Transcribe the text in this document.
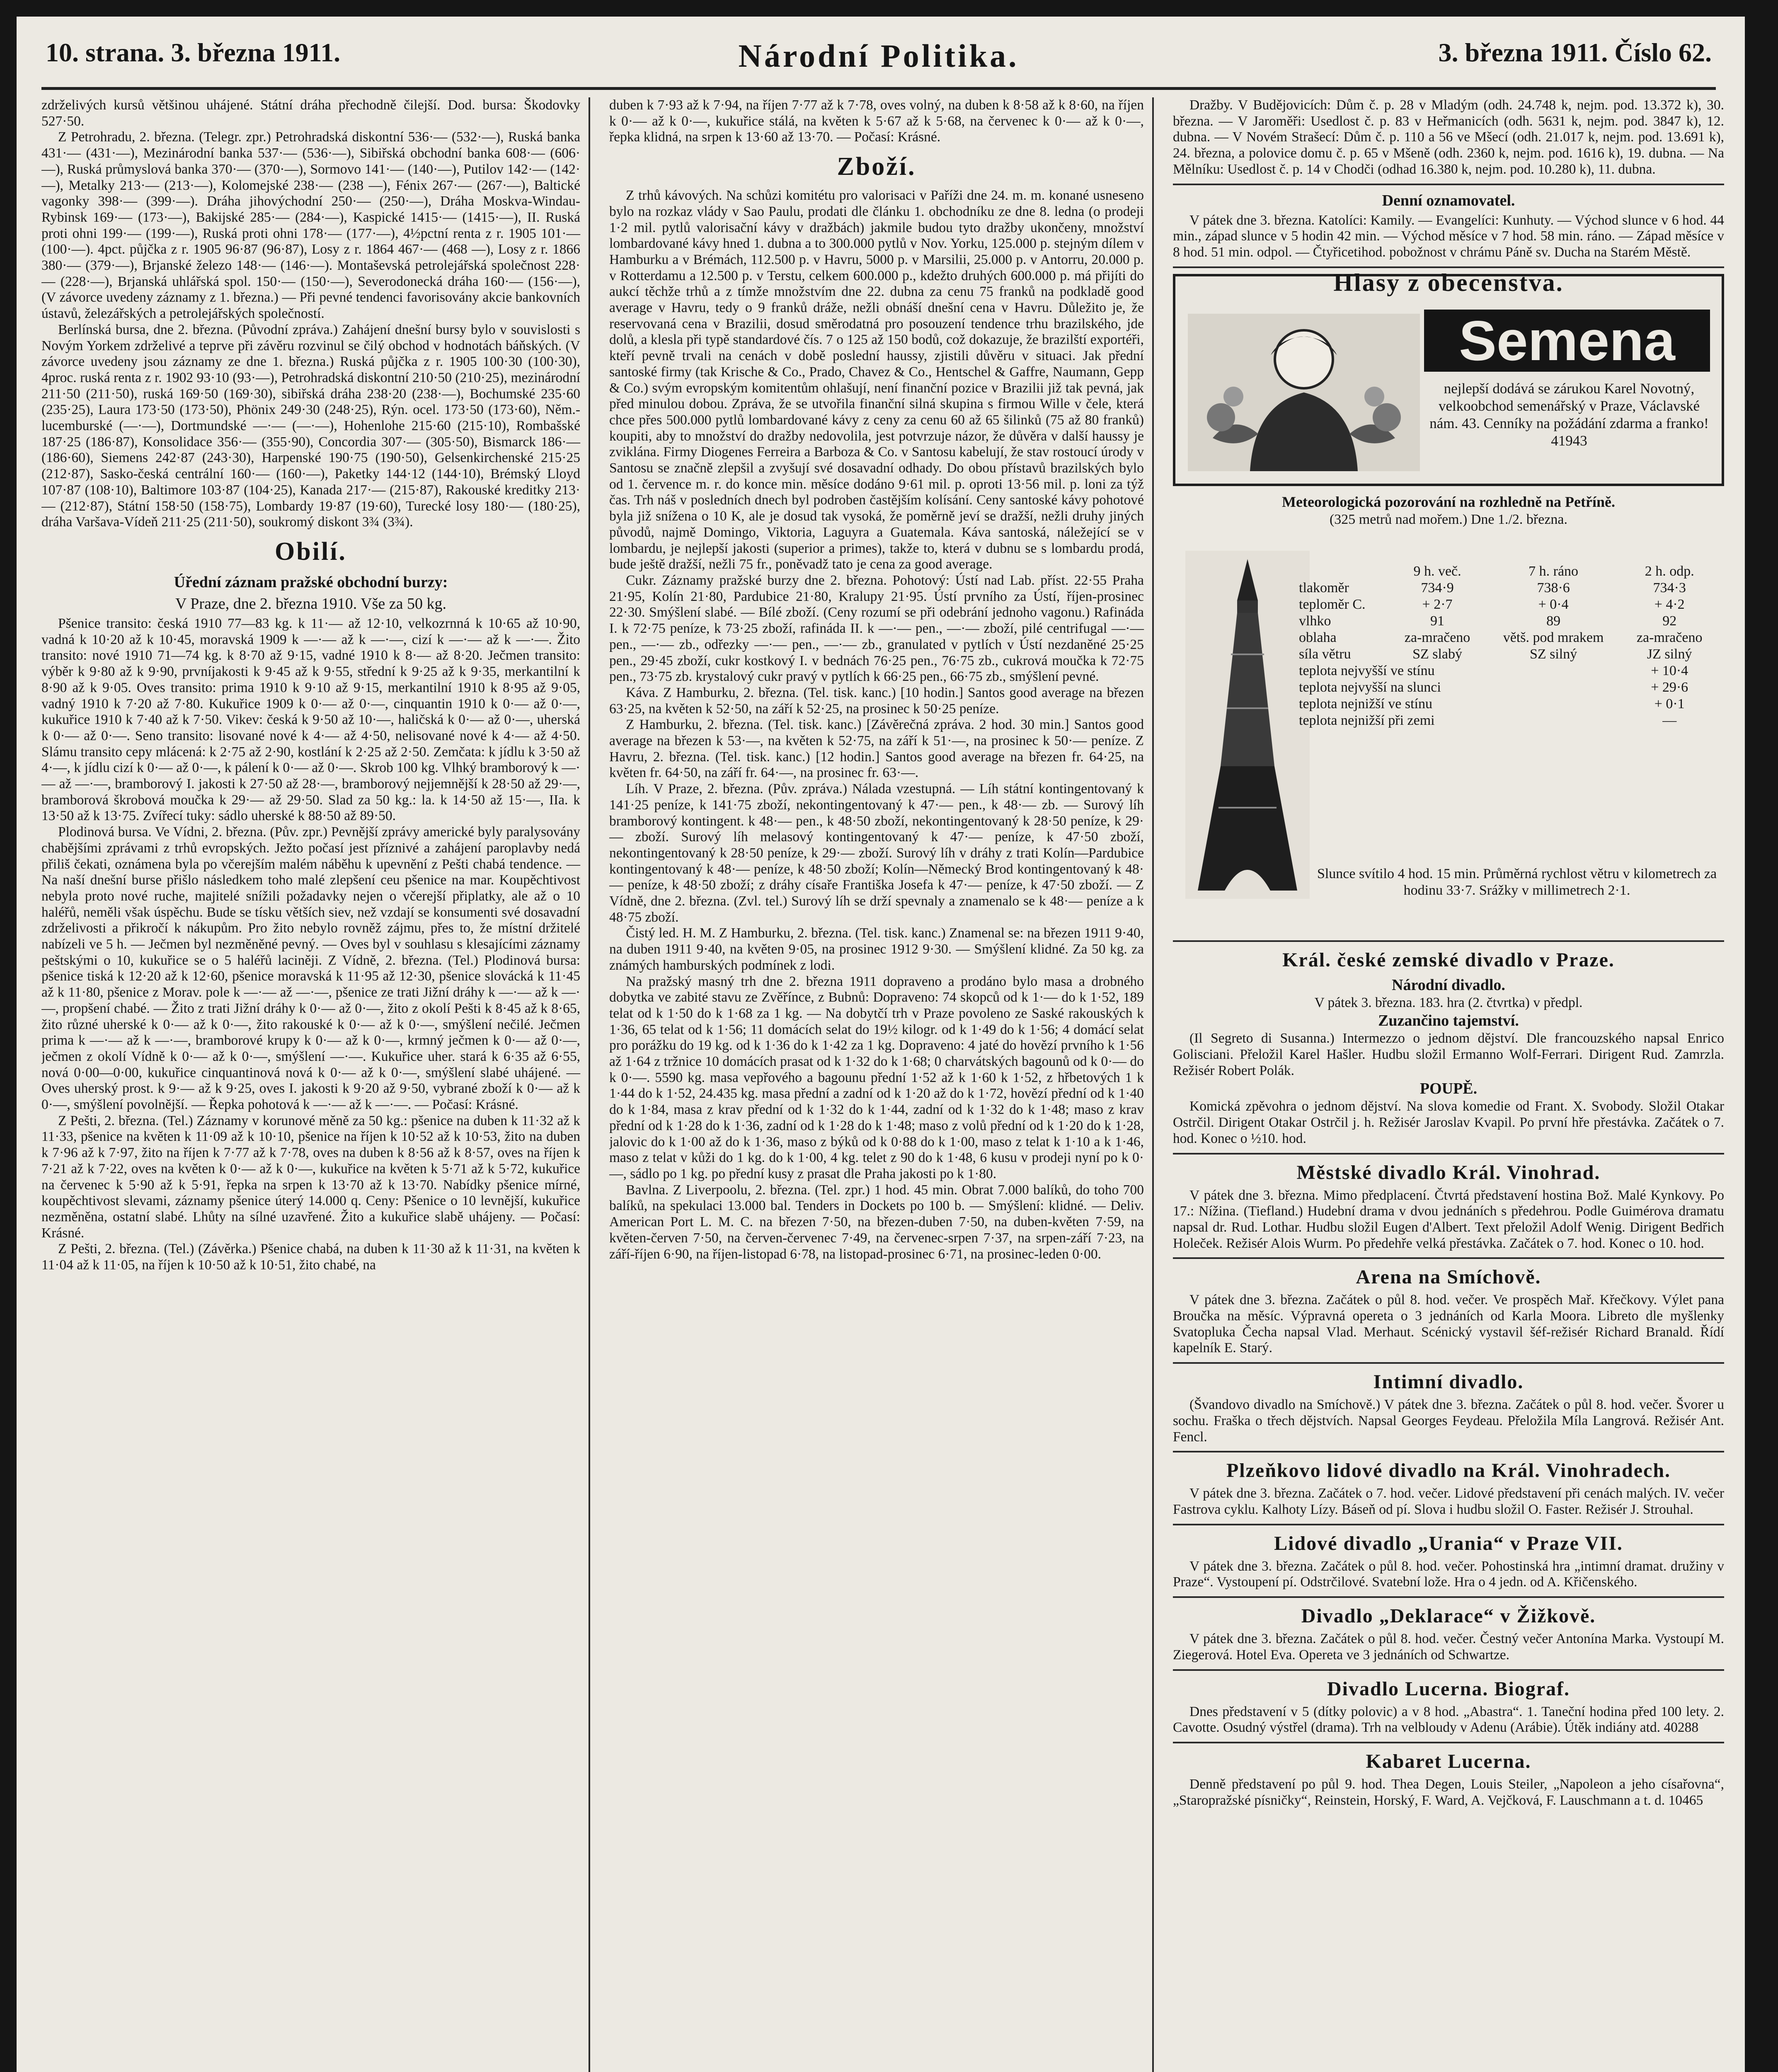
10. strana. 3. března 1911.	Národní Politika.	3. března 1911. Číslo 62.

zdrželivých kursů většinou uhájené. Státní dráha přechodně čilejší. Dod. bursa: Škodovky 527·50.

Z Petrohradu, 2. března. (Telegr. zpr.) Petrohradská diskontní 536·— (532·—), Ruská banka 431·— (431·—), Mezinárodní banka 537·— (536·—), Sibiřská obchodní banka 608·— (606·—), Ruská průmyslová banka 370·— (370·—), Sormovo 141·— (140·—), Putilov 142·— (142·—), Metalky 213·— (213·—), Kolomejské 238·— (238 —), Fénix 267·— (267·—), Baltické vagonky 398·— (399·—). Dráha jihovýchodní 250·— (250·—), Dráha Moskva-Windau-Rybinsk 169·— (173·—), Bakijské 285·— (284·—), Kaspické 1415·— (1415·—), II. Ruská proti ohni 199·— (199·—), Ruská proti ohni 178·— (177·—), 4½pctní renta z r. 1905 101·— (100·—). 4pct. půjčka z r. 1905 96·87 (96·87), Losy z r. 1864 467·— (468 —), Losy z r. 1866 380·— (379·—), Brjanské železo 148·— (146·—). Montaševská petrolejářská společnost 228·— (228·—), Brjanská uhlářská spol. 150·— (150·—), Severodonecká dráha 160·— (156·—), (V závorce uvedeny záznamy z 1. března.) — Při pevné tendenci favorisovány akcie bankovních ústavů, železářských a petrolejářských společností.

Berlínská bursa, dne 2. března. (Původní zpráva.) Zahájení dnešní bursy bylo v souvislosti s Novým Yorkem zdrželivé a teprve při závěru rozvinul se čilý obchod v hodnotách báňských. (V závorce uvedeny jsou záznamy ze dne 1. března.) Ruská půjčka z r. 1905 100·30 (100·30), 4proc. ruská renta z r. 1902 93·10 (93·—), Petrohradská diskontní 210·50 (210·25), mezinárodní 211·50 (211·50), ruská 169·50 (169·30), sibiřská dráha 238·20 (238·—), Bochumské 235·60 (235·25), Laura 173·50 (173·50), Phönix 249·30 (248·25), Rýn. ocel. 173·50 (173·60), Něm.-lucemburské (—·—), Dortmundské —·— (—·—), Hohenlohe 215·60 (215·10), Rombašské 187·25 (186·87), Konsolidace 356·— (355·90), Concordia 307·— (305·50), Bismarck 186·— (186·60), Siemens 242·87 (243·30), Harpenské 190·75 (190·50), Gelsenkirchenské 215·25 (212·87), Sasko-česká centrální 160·— (160·—), Paketky 144·12 (144·10), Brémský Lloyd 107·87 (108·10), Baltimore 103·87 (104·25), Kanada 217·— (215·87), Rakouské kreditky 213·— (212·87), Státní 158·50 (158·75), Lombardy 19·87 (19·60), Turecké losy 180·— (180·25), dráha Varšava-Vídeň 211·25 (211·50), soukromý diskont 3¾ (3¾).

Obilí.
Úřední záznam pražské obchodní burzy:
V Praze, dne 2. března 1910. Vše za 50 kg.

Pšenice transito: česká 1910 77—83 kg. k 11·— až 12·10, velkozrnná k 10·65 až 10·90, vadná k 10·20 až k 10·45, moravská 1909 k —·— až k —·—, cizí k —·— až k —·—. Žito transito: nové 1910 71—74 kg. k 8·70 až 9·15, vadné 1910 k 8·— až 8·20. Ječmen transito: výběr k 9·80 až k 9·90, prvníjakosti k 9·45 až k 9·55, střední k 9·25 až k 9·35, merkantilní k 8·90 až k 9·05. Oves transito: prima 1910 k 9·10 až 9·15, merkantilní 1910 k 8·95 až 9·05, vadný 1910 k 7·20 až 7·80. Kukuřice 1909 k 0·— až 0·—, cinquantin 1910 k 0·— až 0·—, kukuřice 1910 k 7·40 až k 7·50. Vikev: česká k 9·50 až 10·—, haličská k 0·— až 0·—, uherská k 0·— až 0·—. Seno transito: lisované nové k 4·— až 4·50, nelisované nové k 4·— až 4·50. Slámu transito cepy mlácená: k 2·75 až 2·90, kostlání k 2·25 až 2·50. Zemčata: k jídlu k 3·50 až 4·—, k jídlu cizí k 0·— až 0·—, k pálení k 0·— až 0·—. Skrob 100 kg. Vlhký bramborový k —·— až —·—, bramborový I. jakosti k 27·50 až 28·—, bramborový nejjemnější k 28·50 až 29·—, bramborová škrobová moučka k 29·— až 29·50. Slad za 50 kg.: la. k 14·50 až 15·—, IIa. k 13·50 až k 13·75. Zvířecí tuky: sádlo uherské k 88·50 až 89·50.

Plodinová bursa. Ve Vídni, 2. března. (Pův. zpr.) Pevnější zprávy americké byly paralysovány chabějšími zprávami z trhů evropských. Ježto počasí jest příznivé a zahájení paroplavby nedá přiliš čekati, oznámena byla po včerejším malém náběhu k upevnění z Pešti chabá tendence. — Na naší dnešní burse přišlo následkem toho malé zlepšení ceu pšenice na mar. Koupěchtivost nebyla proto nové ruche, majitelé snížili požadavky nejen o včerejší připlatky, ale až o 10 haléřů, neměli však úspěchu. Bude se tísku větších siev, než vzdají se konsumenti své dosavadní zdrželivosti a přikročí k nákupům. Pro žito nebylo rovněž zájmu, přes to, že místní držitelé nabízeli ve 5 h. — Ječmen byl nezměněné pevný. — Oves byl v souhlasu s klesajícími záznamy peštskými o 10, kukuřice se o 5 haléřů laciněji. Z Vídně, 2. března. (Tel.) Plodinová bursa: pšenice tiská k 12·20 až k 12·60, pšenice moravská k 11·95 až 12·30, pšenice slovácká k 11·45 až k 11·80, pšenice z Morav. pole k —·— až —·—, pšenice ze trati Jižní dráhy k —·— až k —·—, propšení chabé. — Žito z trati Jižní dráhy k 0·— až 0·—, žito z okolí Pešti k 8·45 až k 8·65, žito různé uherské k 0·— až k 0·—, žito rakouské k 0·— až k 0·—, smýšlení nečilé. Ječmen prima k —·— až k —·—, bramborové krupy k 0·— až k 0·—, krmný ječmen k 0·— až 0·—, ječmen z okolí Vídně k 0·— až k 0·—, smýšlení —·—. Kukuřice uher. stará k 6·35 až 6·55, nová 0·00—0·00, kukuřice cinquantinová nová k 0·— až k 0·—, smýšlení slabé uhájené. — Oves uherský prost. k 9·— až k 9·25, oves I. jakosti k 9·20 až 9·50, vybrané zboží k 0·— až k 0·—, smýšlení povolnější. — Řepka pohotová k —·— až k —·—. — Počasí: Krásné.

Z Pešti, 2. března. (Tel.) Záznamy v korunové měně za 50 kg.: pšenice na duben k 11·32 až k 11·33, pšenice na květen k 11·09 až k 10·10, pšenice na říjen k 10·52 až k 10·53, žito na duben k 7·96 až k 7·97, žito na říjen k 7·77 až k 7·78, oves na duben k 8·56 až k 8·57, oves na říjen k 7·21 až k 7·22, oves na květen k 0·— až k 0·—, kukuřice na květen k 5·71 až k 5·72, kukuřice na červenec k 5·90 až k 5·91, řepka na srpen k 13·70 až k 13·70. Nabídky pšenice mírné, koupěchtivost slevami, záznamy pšenice úterý 14.000 q. Ceny: Pšenice o 10 levnější, kukuřice nezměněna, ostatní slabé. Lhůty na sílné uzavřené. Žito a kukuřice slabě uhájeny. — Počasí: Krásné.

Z Pešti, 2. března. (Tel.) (Závěrka.) Pšenice chabá, na duben k 11·30 až k 11·31, na květen k 11·04 až k 11·05, na říjen k 10·50 až k 10·51, žito chabé, na

duben k 7·93 až k 7·94, na říjen 7·77 až k 7·78, oves volný, na duben k 8·58 až k 8·60, na říjen k 0·— až k 0·—, kukuřice stálá, na květen k 5·67 až k 5·68, na červenec k 0·— až k 0·—, řepka klidná, na srpen k 13·60 až 13·70. — Počasí: Krásné.

Zboží.

Z trhů kávových. Na schůzi komitétu pro valorisaci v Paříži dne 24. m. m. konané usneseno bylo na rozkaz vlády v Sao Paulu, prodati dle článku 1. obchodníku ze dne 8. ledna (o prodeji 1·2 mil. pytlů valorisační kávy v dražbách) jakmile budou tyto dražby ukončeny, množství lombardované kávy hned 1. dubna a to 300.000 pytlů v Nov. Yorku, 125.000 p. stejným dílem v Hamburku a v Brémách, 112.500 p. v Havru, 5000 p. v Marsilii, 25.000 p. v Antorru, 20.000 p. v Rotterdamu a 12.500 p. v Terstu, celkem 600.000 p., kdežto druhých 600.000 p. má přijíti do aukcí těchže trhů a z tímže množstvím dne 22. dubna za cenu 75 franků na podkladě good average v Havru, tedy o 9 franků dráže, nežli obnáší dnešní cena v Havru. Důležito je, že reservovaná cena v Brazilii, dosud směrodatná pro posouzení tendence trhu brazilského, jde dolů, a klesla při typě standardové čís. 7 o 125 až 150 bodů, což dokazuje, že brazilští exportéři, kteří pevně trvali na cenách v době poslední haussy, zjistili důvěru v situaci. Jak přední santoské firmy (tak Krische & Co., Prado, Chavez & Co., Hentschel & Gaffre, Naumann, Gepp & Co.) svým evropským komitentům ohlašují, není finanční pozice v Brazilii již tak pevná, jak před minulou dobou. Zpráva, že se utvořila finanční silná skupina s firmou Wille v čele, která chce přes 500.000 pytlů lombardované kávy z ceny za cenu 60 až 65 šilinků (75 až 80 franků) koupiti, aby to množství do dražby nedovolila, jest potvrzuje názor, že důvěra v další haussy je zviklána. Firmy Diogenes Ferreira a Barboza & Co. v Santosu kabelují, že stav rostoucí úrody v Santosu se značně zlepšil a zvyšují své dosavadní odhady. Do obou přístavů brazilských bylo od 1. července m. r. do konce min. měsíce dodáno 9·61 mil. p. oproti 13·56 mil. p. loni za týž čas. Trh náš v posledních dnech byl podroben častějším kolísání. Ceny santoské kávy pohotové byla již snížena o 10 K, ale je dosud tak vysoká, že poměrně jeví se dražší, nežli druhy jiných původů, najmě Domingo, Viktoria, Laguyra a Guatemala. Káva santoská, náležející se v lombardu, je nejlepší jakosti (superior a primes), takže to, která v dubnu se s lombardu prodá, bude ještě dražší, nežli 75 fr., poněvadž tato je cena za good average.

Cukr. Záznamy pražské burzy dne 2. března. Pohotový: Ústí nad Lab. příst. 22·55 Praha 21·95, Kolín 21·80, Pardubice 21·80, Kralupy 21·95. Ústí prvního za Ústí, říjen-prosinec 22·30. Smýšlení slabé. — Bílé zboží. (Ceny rozumí se při odebrání jednoho vagonu.) Rafináda I. k 72·75 peníze, k 73·25 zboží, rafináda II. k —·— pen., —·— zboží, pilé centrifugal —·— pen., —·— zb., odřezky —·— pen., —·— zb., granulated v pytlích v Ústí nezdaněné 25·25 pen., 29·45 zboží, cukr kostkový I. v bednách 76·25 pen., 76·75 zb., cukrová moučka k 72·75 pen., 73·75 zb. krystalový cukr pravý v pytlích k 66·25 pen., 66·75 zb., smýšlení pevné.

Káva. Z Hamburku, 2. března. (Tel. tisk. kanc.) [10 hodin.] Santos good average na březen 63·25, na květen k 52·50, na září k 52·25, na prosinec k 50·25 peníze.

Z Hamburku, 2. března. (Tel. tisk. kanc.) [Závěrečná zpráva. 2 hod. 30 min.] Santos good average na březen k 53·—, na květen k 52·75, na září k 51·—, na prosinec k 50·— peníze. Z Havru, 2. března. (Tel. tisk. kanc.) [12 hodin.] Santos good average na březen fr. 64·25, na květen fr. 64·50, na září fr. 64·—, na prosinec fr. 63·—.

Líh. V Praze, 2. března. (Pův. zpráva.) Nálada vzestupná. — Líh státní kontingentovaný k 141·25 peníze, k 141·75 zboží, nekontingentovaný k 47·— pen., k 48·— zb. — Surový líh bramborový kontingent. k 48·— pen., k 48·50 zboží, nekontingentovaný k 28·50 peníze, k 29·— zboží. Surový líh melasový kontingentovaný k 47·— peníze, k 47·50 zboží, nekontingentovaný k 28·50 peníze, k 29·— zboží. Surový líh v dráhy z trati Kolín—Pardubice kontingentovaný k 48·— peníze, k 48·50 zboží; Kolín—Německý Brod kontingentovaný k 48·— peníze, k 48·50 zboží; z dráhy císaře Františka Josefa k 47·— peníze, k 47·50 zboží. — Z Vídně, dne 2. března. (Zvl. tel.) Surový líh se drží spevnaly a znamenalo se k 48·— peníze a k 48·75 zboží.

Čistý led. H. M. Z Hamburku, 2. března. (Tel. tisk. kanc.) Znamenal se: na březen 1911 9·40, na duben 1911 9·40, na květen 9·05, na prosinec 1912 9·30. — Smýšlení klidné. Za 50 kg. za známých hamburských podmínek z lodi.

Na pražský masný trh dne 2. března 1911 dopraveno a prodáno bylo masa a drobného dobytka ve zabité stavu ze Zvěřínce, z Bubnů: Dopraveno: 74 skopců od k 1·— do k 1·52, 189 telat od k 1·50 do k 1·68 za 1 kg. — Na dobytčí trh v Praze povoleno ze Saské rakouských k 1·36, 65 telat od k 1·56; 11 domácích selat do 19½ kilogr. od k 1·49 do k 1·56; 4 domácí selat pro porážku do 19 kg. od k 1·36 do k 1·42 za 1 kg. Dopraveno: 4 jaté do hovězí prvního k 1·56 až 1·64 z tržnice 10 domácích prasat od k 1·32 do k 1·68; 0 charvátských bagounů od k 0·— do k 0·—. 5590 kg. masa vepřového a bagounu přední 1·52 až k 1·60 k 1·52, z hřbetových 1 k 1·44 do k 1·52, 24.435 kg. masa přední a zadní od k 1·20 až do k 1·72, hovězí přední od k 1·40 do k 1·84, masa z krav přední od k 1·32 do k 1·44, zadní od k 1·32 do k 1·48; maso z krav přední od k 1·28 do k 1·36, zadní od k 1·28 do k 1·48; maso z volů přední od k 1·20 do k 1·28, jalovic do k 1·00 až do k 1·36, maso z býků od k 0·88 do k 1·00, maso z telat k 1·10 a k 1·46, maso z telat v kůži do 1 kg. do k 1·00, 4 kg. telet z 90 do k 1·48, 6 kusu v prodeji nyní po k 0·—, sádlo po 1 kg. po přední kusy z prasat dle Praha jakosti po k 1·80.

Bavlna. Z Liverpoolu, 2. března. (Tel. zpr.) 1 hod. 45 min. Obrat 7.000 balíků, do toho 700 balíků, na spekulaci 13.000 bal. Tenders in Dockets po 100 b. — Smýšlení: klidné. — Deliv. American Port L. M. C. na březen 7·50, na březen-duben 7·50, na duben-květen 7·59, na květen-červen 7·50, na červen-červenec 7·49, na červenec-srpen 7·37, na srpen-září 7·23, na září-říjen 6·90, na říjen-listopad 6·78, na listopad-prosinec 6·71, na prosinec-leden 0·00.

Dražby. V Budějovicích: Dům č. p. 28 v Mladým (odh. 24.748 k, nejm. pod. 13.372 k), 30. března. — V Jaroměři: Usedlost č. p. 83 v Heřmanicích (odh. 5631 k, nejm. pod. 3847 k), 12. dubna. — V Novém Strašecí: Dům č. p. 110 a 56 ve Mšecí (odh. 21.017 k, nejm. pod. 13.691 k), 24. března, a polovice domu č. p. 65 v Mšeně (odh. 2360 k, nejm. pod. 1616 k), 19. dubna. — Na Mělníku: Usedlost č. p. 14 v Chodči (odhad 16.380 k, nejm. pod. 10.280 k), 11. dubna.

Denní oznamovatel.

V pátek dne 3. března. Katolíci: Kamily. — Evangelíci: Kunhuty. — Východ slunce v 6 hod. 44 min., západ slunce v 5 hodin 42 min. — Východ měsíce v 7 hod. 58 min. ráno. — Západ měsíce v 8 hod. 51 min. odpol. — Čtyřicetihod. pobožnost v chrámu Páně sv. Ducha na Starém Městě.

Hlasy z obecenstva.
Semena
nejlepší dodává se zárukou Karel Novotný, velkoobchod semenářský v Praze, Václavské nám. 43. Cenníky na požádání zdarma a franko! 41943
Meteorologická pozorování na rozhledně na Petříně.
(325 metrů nad mořem.) Dne 1./2. března.
	9 h. več.	7 h. ráno	2 h. odp.
tlakoměr	734·9	738·6	734·3
teploměr C.	+ 2·7	+ 0·4	+ 4·2
vlhko	91	89	92
oblaha	za-mračeno	větš. pod mrakem	za-mračeno
síla větru	SZ slabý	SZ silný	JZ silný
teplota nejvyšší ve stínu			+ 10·4
teplota nejvyšší na slunci			+ 29·6
teplota nejnižší ve stínu			+ 0·1
teplota nejnižší při zemi			—
Slunce svítilo 4 hod. 15 min. Průměrná rychlost větru v kilometrech za hodinu 33·7. Srážky v millimetrech 2·1.
Král. české zemské divadlo v Praze.
Národní divadlo.

V pátek 3. března. 183. hra (2. čtvrtka) v předpl.

Zuzančino tajemství.

(Il Segreto di Susanna.) Intermezzo o jednom dějství. Dle francouzského napsal Enrico Golisciani. Přeložil Karel Hašler. Hudbu složil Ermanno Wolf-Ferrari. Dirigent Rud. Zamrzla. Režisér Robert Polák.

POUPĚ.

Komická zpěvohra o jednom dějství. Na slova komedie od Frant. X. Svobody. Složil Otakar Ostrčil. Dirigent Otakar Ostrčil j. h. Režisér Jaroslav Kvapil. Po první hře přestávka. Začátek o 7. hod. Konec o ½10. hod.

Městské divadlo Král. Vinohrad.

V pátek dne 3. března. Mimo předplacení. Čtvrtá představení hostina Bož. Malé Kynkovy. Po 17.: Nížina. (Tiefland.) Hudební drama v dvou jednáních s předehrou. Podle Guimérova dramatu napsal dr. Rud. Lothar. Hudbu složil Eugen d'Albert. Text přeložil Adolf Wenig. Dirigent Bedřich Holeček. Režisér Alois Wurm. Po předehře velká přestávka. Začátek o 7. hod. Konec o 10. hod.

Arena na Smíchově.

V pátek dne 3. března. Začátek o půl 8. hod. večer. Ve prospěch Mař. Křečkovy. Výlet pana Broučka na měsíc. Výpravná opereta o 3 jednáních od Karla Moora. Libreto dle myšlenky Svatopluka Čecha napsal Vlad. Merhaut. Scénický vystavil šéf-režisér Richard Branald. Řídí kapelník E. Starý.

Intimní divadlo.

(Švandovo divadlo na Smíchově.) V pátek dne 3. března. Začátek o půl 8. hod. večer. Švorer u sochu. Fraška o třech dějstvích. Napsal Georges Feydeau. Přeložila Míla Langrová. Režisér Ant. Fencl.

Plzeňkovo lidové divadlo na Král. Vinohradech.

V pátek dne 3. března. Začátek o 7. hod. večer. Lidové představení při cenách malých. IV. večer Fastrova cyklu. Kalhoty Lízy. Báseň od pí. Slova i hudbu složil O. Faster. Režisér J. Strouhal.

Lidové divadlo „Urania“ v Praze VII.

V pátek dne 3. března. Začátek o půl 8. hod. večer. Pohostinská hra „intimní dramat. družiny v Praze“. Vystoupení pí. Odstrčilové. Svatební lože. Hra o 4 jedn. od A. Křičenského.

Divadlo „Deklarace“ v Žižkově.

V pátek dne 3. března. Začátek o půl 8. hod. večer. Čestný večer Antonína Marka. Vystoupí M. Ziegerová. Hotel Eva. Opereta ve 3 jednáních od Schwartze.

Divadlo Lucerna. Biograf.

Dnes představení v 5 (dítky polovic) a v 8 hod. „Abastra“. 1. Taneční hodina před 100 lety. 2. Cavotte. Osudný výstřel (drama). Trh na velbloudy v Adenu (Arábie). Útěk indiány atd. 40288

Kabaret Lucerna.

Denně představení po půl 9. hod. Thea Degen, Louis Steiler, „Napoleon a jeho císařovna“, „Staropražské písničky“, Reinstein, Horský, F. Ward, A. Vejčková, F. Lauschmann a t. d. 10465
